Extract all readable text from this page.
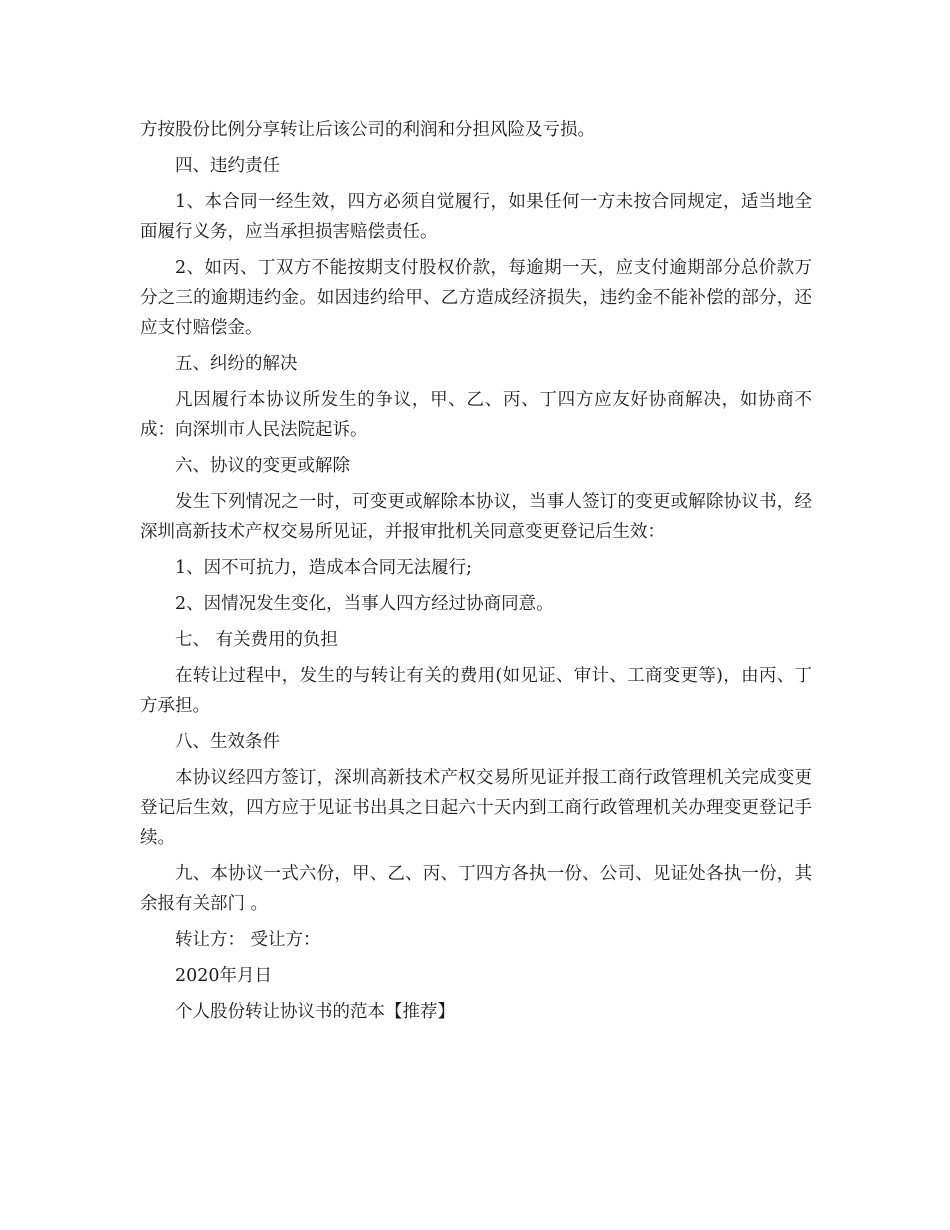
方按股份比例分享转让后该公司的利润和分担风险及亏损。

四、违约责任

1、本合同一经生效，四方必须自觉履行，如果任何一方未按合同规定，适当地全面履行义务，应当承担损害赔偿责任。

2、如丙、丁双方不能按期支付股权价款，每逾期一天，应支付逾期部分总价款万分之三的逾期违约金。如因违约给甲、乙方造成经济损失，违约金不能补偿的部分，还应支付赔偿金。

五、纠纷的解决

凡因履行本协议所发生的争议，甲、乙、丙、丁四方应友好协商解决，如协商不成：向深圳市人民法院起诉。

六、协议的变更或解除

发生下列情况之一时，可变更或解除本协议，当事人签订的变更或解除协议书，经深圳高新技术产权交易所见证，并报审批机关同意变更登记后生效：

1、因不可抗力，造成本合同无法履行;

2、因情况发生变化，当事人四方经过协商同意。

七、 有关费用的负担

在转让过程中，发生的与转让有关的费用(如见证、审计、工商变更等)，由丙、丁方承担。

八、生效条件

本协议经四方签订，深圳高新技术产权交易所见证并报工商行政管理机关完成变更登记后生效，四方应于见证书出具之日起六十天内到工商行政管理机关办理变更登记手续。

九、本协议一式六份，甲、乙、丙、丁四方各执一份、公司、见证处各执一份，其余报有关部门 。

转让方： 受让方：

2020年月日

个人股份转让协议书的范本【推荐】
